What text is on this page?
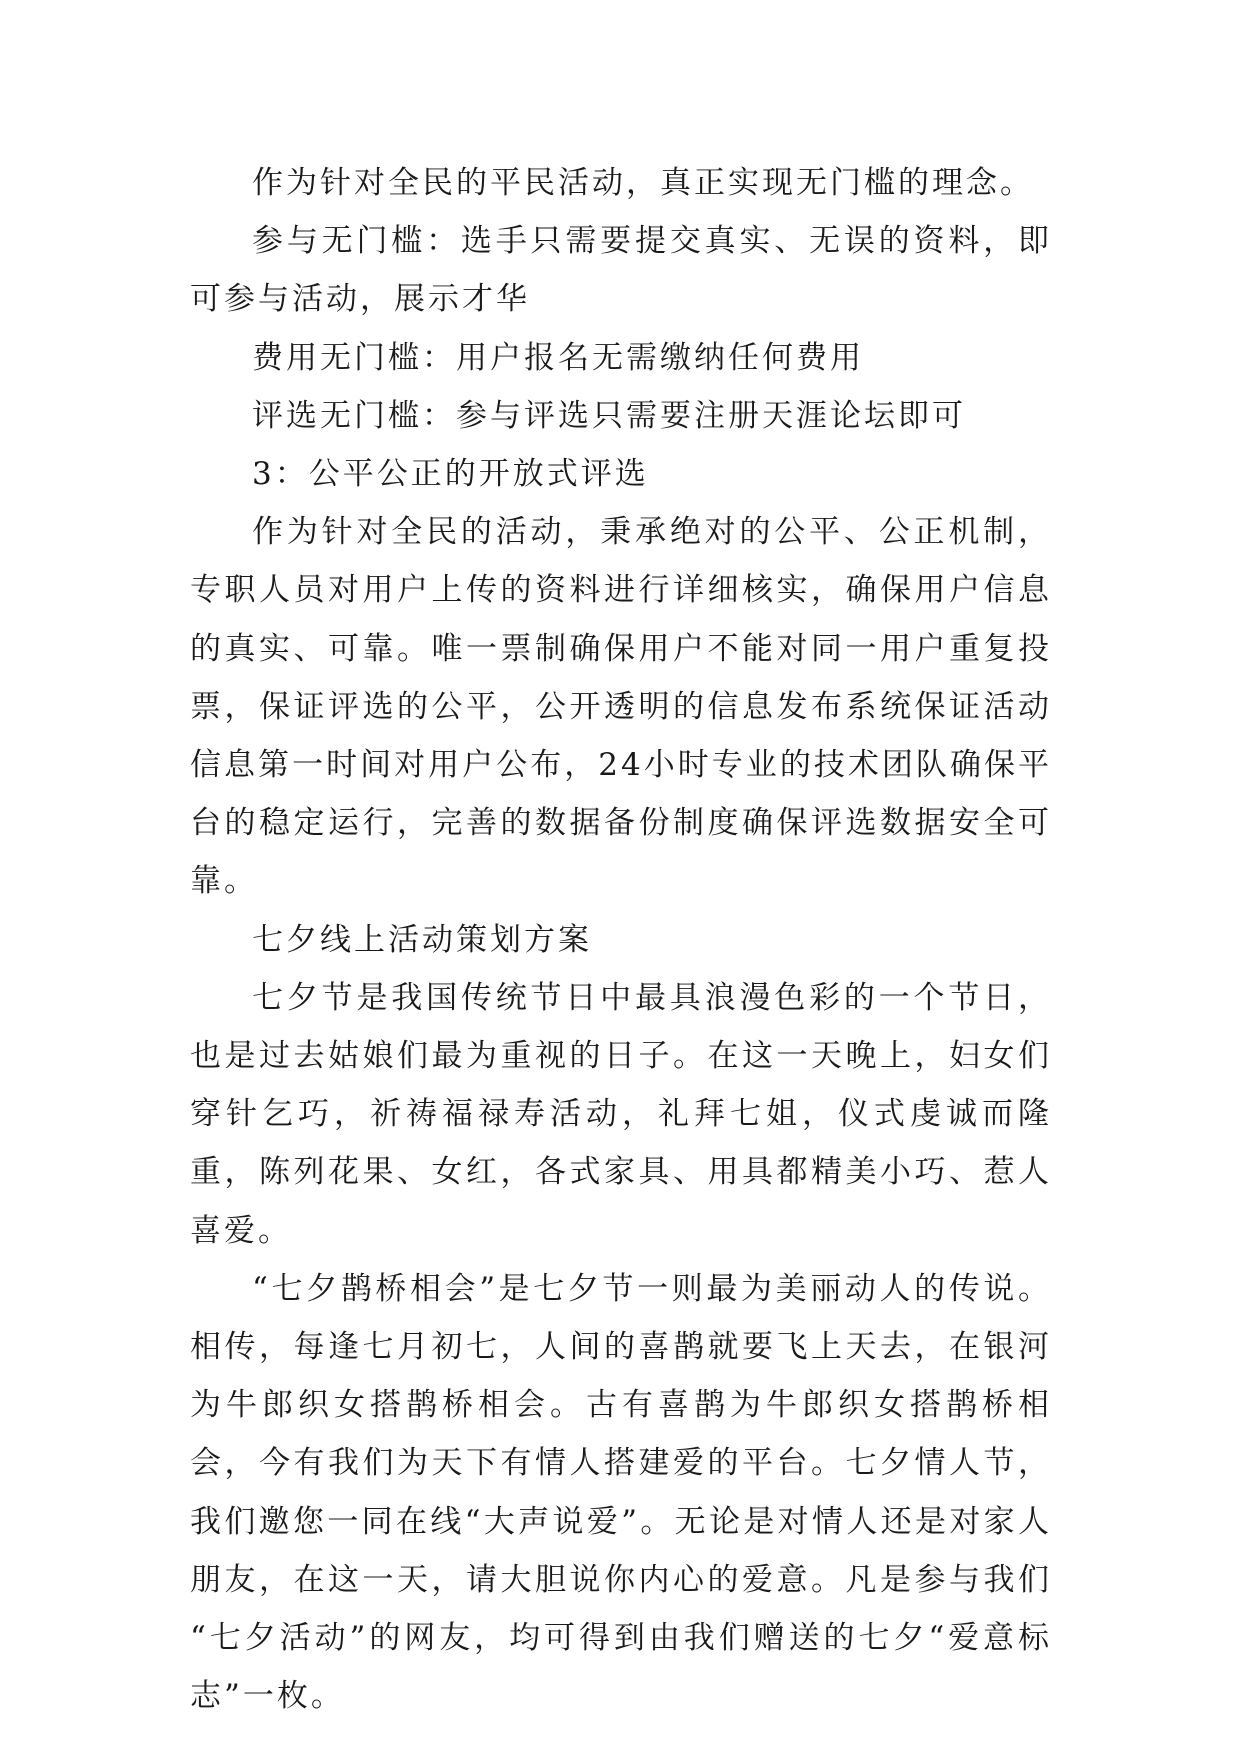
作为针对全民的平民活动，真正实现无门槛的理念。

参与无门槛：选手只需要提交真实、无误的资料，即可参与活动，展示才华

费用无门槛：用户报名无需缴纳任何费用

评选无门槛：参与评选只需要注册天涯论坛即可

3：公平公正的开放式评选

作为针对全民的活动，秉承绝对的公平、公正机制，专职人员对用户上传的资料进行详细核实，确保用户信息的真实、可靠。唯一票制确保用户不能对同一用户重复投票，保证评选的公平，公开透明的信息发布系统保证活动信息第一时间对用户公布，24小时专业的技术团队确保平台的稳定运行，完善的数据备份制度确保评选数据安全可靠。

七夕线上活动策划方案

七夕节是我国传统节日中最具浪漫色彩的一个节日，也是过去姑娘们最为重视的日子。在这一天晚上，妇女们穿针乞巧，祈祷福禄寿活动，礼拜七姐，仪式虔诚而隆重，陈列花果、女红，各式家具、用具都精美小巧、惹人喜爱。

“七夕鹊桥相会”是七夕节一则最为美丽动人的传说。相传，每逢七月初七，人间的喜鹊就要飞上天去，在银河为牛郎织女搭鹊桥相会。古有喜鹊为牛郎织女搭鹊桥相会，今有我们为天下有情人搭建爱的平台。七夕情人节，我们邀您一同在线“大声说爱”。无论是对情人还是对家人朋友，在这一天，请大胆说你内心的爱意。凡是参与我们 “七夕活动”的网友，均可得到由我们赠送的七夕“爱意标志”一枚。
